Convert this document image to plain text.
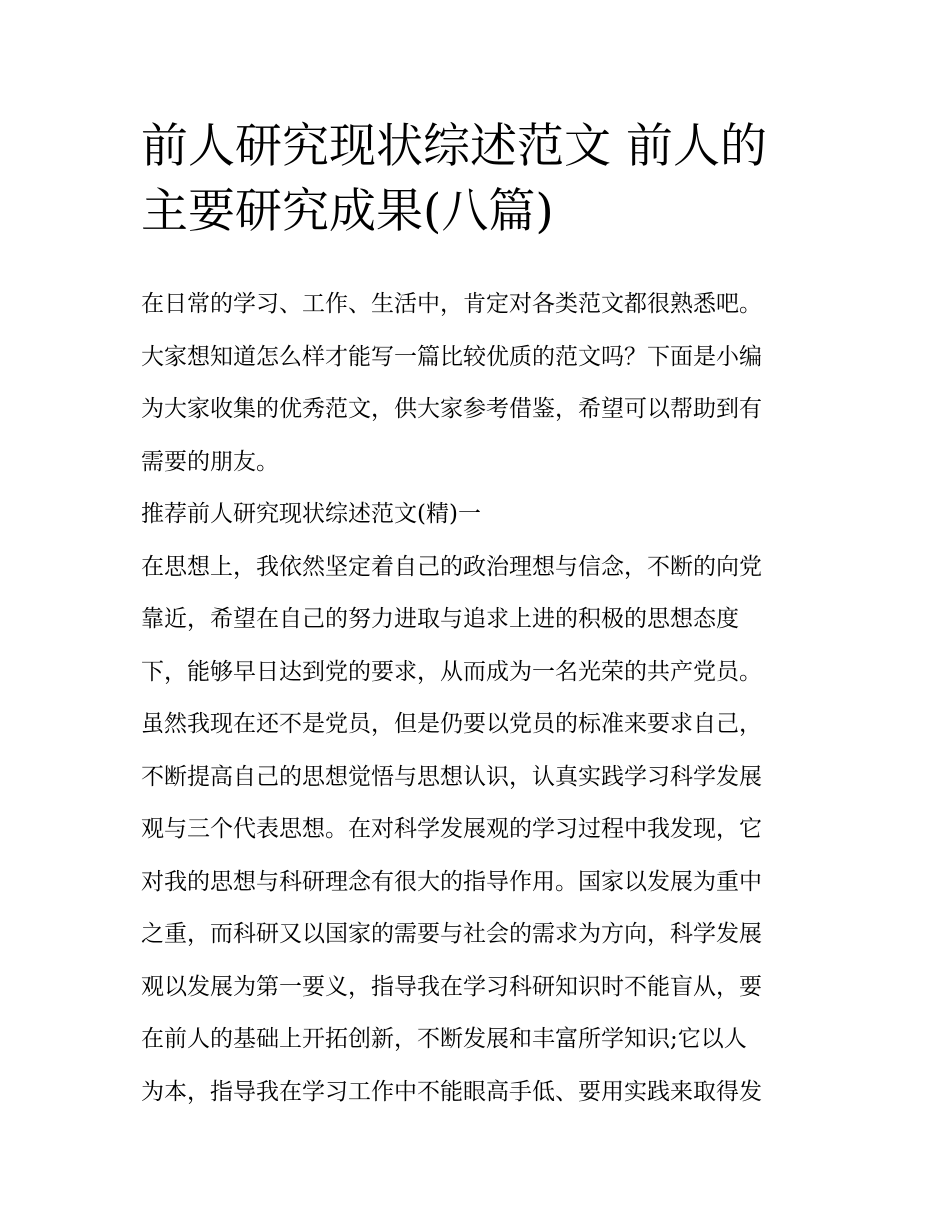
前人研究现状综述范文 前人的
主要研究成果(八篇)
在日常的学习、工作、生活中，肯定对各类范文都很熟悉吧。
大家想知道怎么样才能写一篇比较优质的范文吗？下面是小编
为大家收集的优秀范文，供大家参考借鉴，希望可以帮助到有
需要的朋友。
推荐前人研究现状综述范文(精)一
在思想上，我依然坚定着自己的政治理想与信念，不断的向党
靠近，希望在自己的努力进取与追求上进的积极的思想态度
下，能够早日达到党的要求，从而成为一名光荣的共产党员。
虽然我现在还不是党员，但是仍要以党员的标准来要求自己，
不断提高自己的思想觉悟与思想认识，认真实践学习科学发展
观与三个代表思想。在对科学发展观的学习过程中我发现，它
对我的思想与科研理念有很大的指导作用。国家以发展为重中
之重，而科研又以国家的需要与社会的需求为方向，科学发展
观以发展为第一要义，指导我在学习科研知识时不能盲从，要
在前人的基础上开拓创新，不断发展和丰富所学知识;它以人
为本，指导我在学习工作中不能眼高手低、要用实践来取得发
